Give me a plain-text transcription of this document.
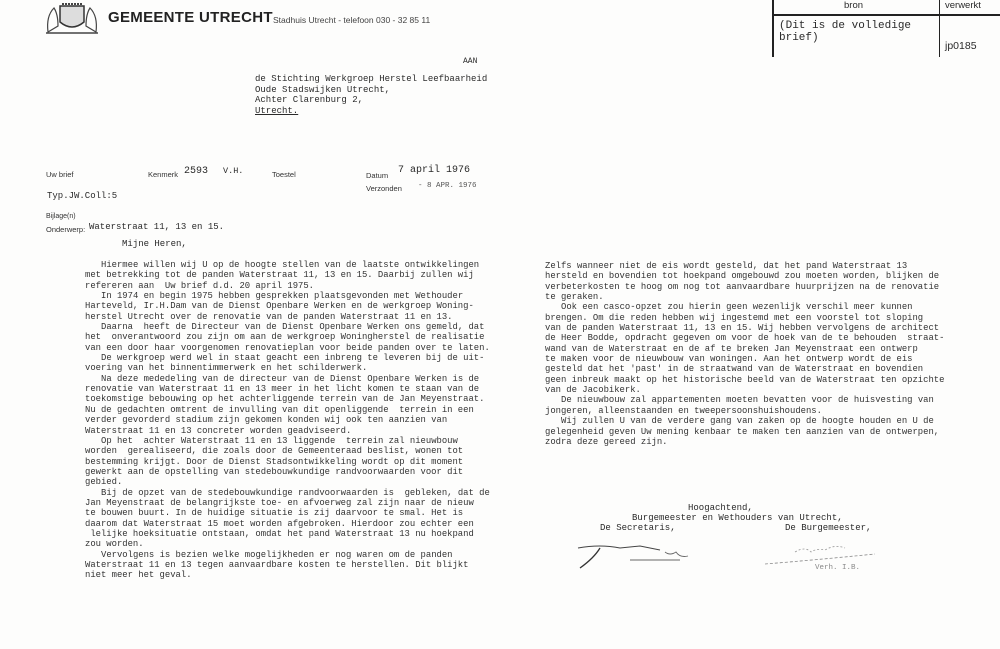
GEMEENTE UTRECHT Stadhuis Utrecht - telefoon 030 - 32 85 11
bron	verwerkt
(Dit is de volledige
brief)
jp0185
AAN
de Stichting Werkgroep Herstel Leefbaarheid
Oude Stadswijken Utrecht,
Achter Clarenburg 2,
Utrecht.
Uw brief	Kenmerk 2593 V.H.	Toestel	Datum 7 april 1976
Verzonden - 8 APR. 1976
Typ.JW.Coll:5
Bijlage(n)
Onderwerp: Waterstraat 11, 13 en 15.
Mijne Heren,
Hiermee willen wij U op de hoogte stellen van de laatste ontwikkelingen
met betrekking tot de panden Waterstraat 11, 13 en 15. Daarbij zullen wij
refereren aan  Uw brief d.d. 20 april 1975.
In 1974 en begin 1975 hebben gesprekken plaatsgevonden met Wethouder
Harteveld, Ir.H.Dam van de Dienst Openbare Werken en de werkgroep Woning-
herstel Utrecht over de renovatie van de panden Waterstraat 11 en 13.
Daarna  heeft de Directeur van de Dienst Openbare Werken ons gemeld, dat
het  onverantwoord zou zijn om aan de werkgroep Woningherstel de realisatie
van een door haar voorgenomen renovatieplan voor beide panden over te laten.
De werkgroep werd wel in staat geacht een inbreng te leveren bij de uit-
voering van het binnentimmerwerk en het schilderwerk.
Na deze mededeling van de directeur van de Dienst Openbare Werken is de
renovatie van Waterstraat 11 en 13 meer in het licht komen te staan van de
toekomstige bebouwing op het achterliggende terrein van de Jan Meyenstraat.
Nu de gedachten omtrent de invulling van dit openliggende  terrein in een
verder gevorderd stadium zijn gekomen konden wij ook ten aanzien van
Waterstraat 11 en 13 concreter worden geadviseerd.
Op het  achter Waterstraat 11 en 13 liggende  terrein zal nieuwbouw
worden  gerealiseerd, die zoals door de Gemeenteraad beslist, wonen tot
bestemming krijgt. Door de Dienst Stadsontwikkeling wordt op dit moment
gewerkt aan de opstelling van stedebouwkundige randvoorwaarden voor dit
gebied.
Bij de opzet van de stedebouwkundige randvoorwaarden is  gebleken, dat de
Jan Meyenstraat de belangrijkste toe- en afvoerweg zal zijn naar de nieuw
te bouwen buurt. In de huidige situatie is zij daarvoor te smal. Het is
daarom dat Waterstraat 15 moet worden afgebroken. Hierdoor zou echter een
lelijke hoeksituatie ontstaan, omdat het pand Waterstraat 13 nu hoekpand
zou worden.
Vervolgens is bezien welke mogelijkheden er nog waren om de panden
Waterstraat 11 en 13 tegen aanvaardbare kosten te herstellen. Dit blijkt
niet meer het geval.
Zelfs wanneer niet de eis wordt gesteld, dat het pand Waterstraat 13
hersteld en bovendien tot hoekpand omgebouwd zou moeten worden, blijken de
verbeterkosten te hoog om nog tot aanvaardbare huurprijzen na de renovatie
te geraken.
Ook een casco-opzet zou hierin geen wezenlijk verschil meer kunnen
brengen. Om die reden hebben wij ingestemd met een voorstel tot sloping
van de panden Waterstraat 11, 13 en 15. Wij hebben vervolgens de architect
de Heer Bodde, opdracht gegeven om voor de hoek van de te behouden  straat-
wand van de Waterstraat en de af te breken Jan Meyenstraat een ontwerp
te maken voor de nieuwbouw van woningen. Aan het ontwerp wordt de eis
gesteld dat het 'past' in de straatwand van de Waterstraat en bovendien
geen inbreuk maakt op het historische beeld van de Waterstraat ten opzichte
van de Jacobikerk.
De nieuwbouw zal appartementen moeten bevatten voor de huisvesting van
jongeren, alleenstaanden en tweepersoonshuishoudens.
Wij zullen U van de verdere gang van zaken op de hoogte houden en U de
gelegenheid geven Uw mening kenbaar te maken ten aanzien van de ontwerpen,
zodra deze gereed zijn.
Hoogachtend,
Burgemeester en Wethouders van Utrecht,
De Secretaris,	De Burgemeester,
Verh. I.B.
